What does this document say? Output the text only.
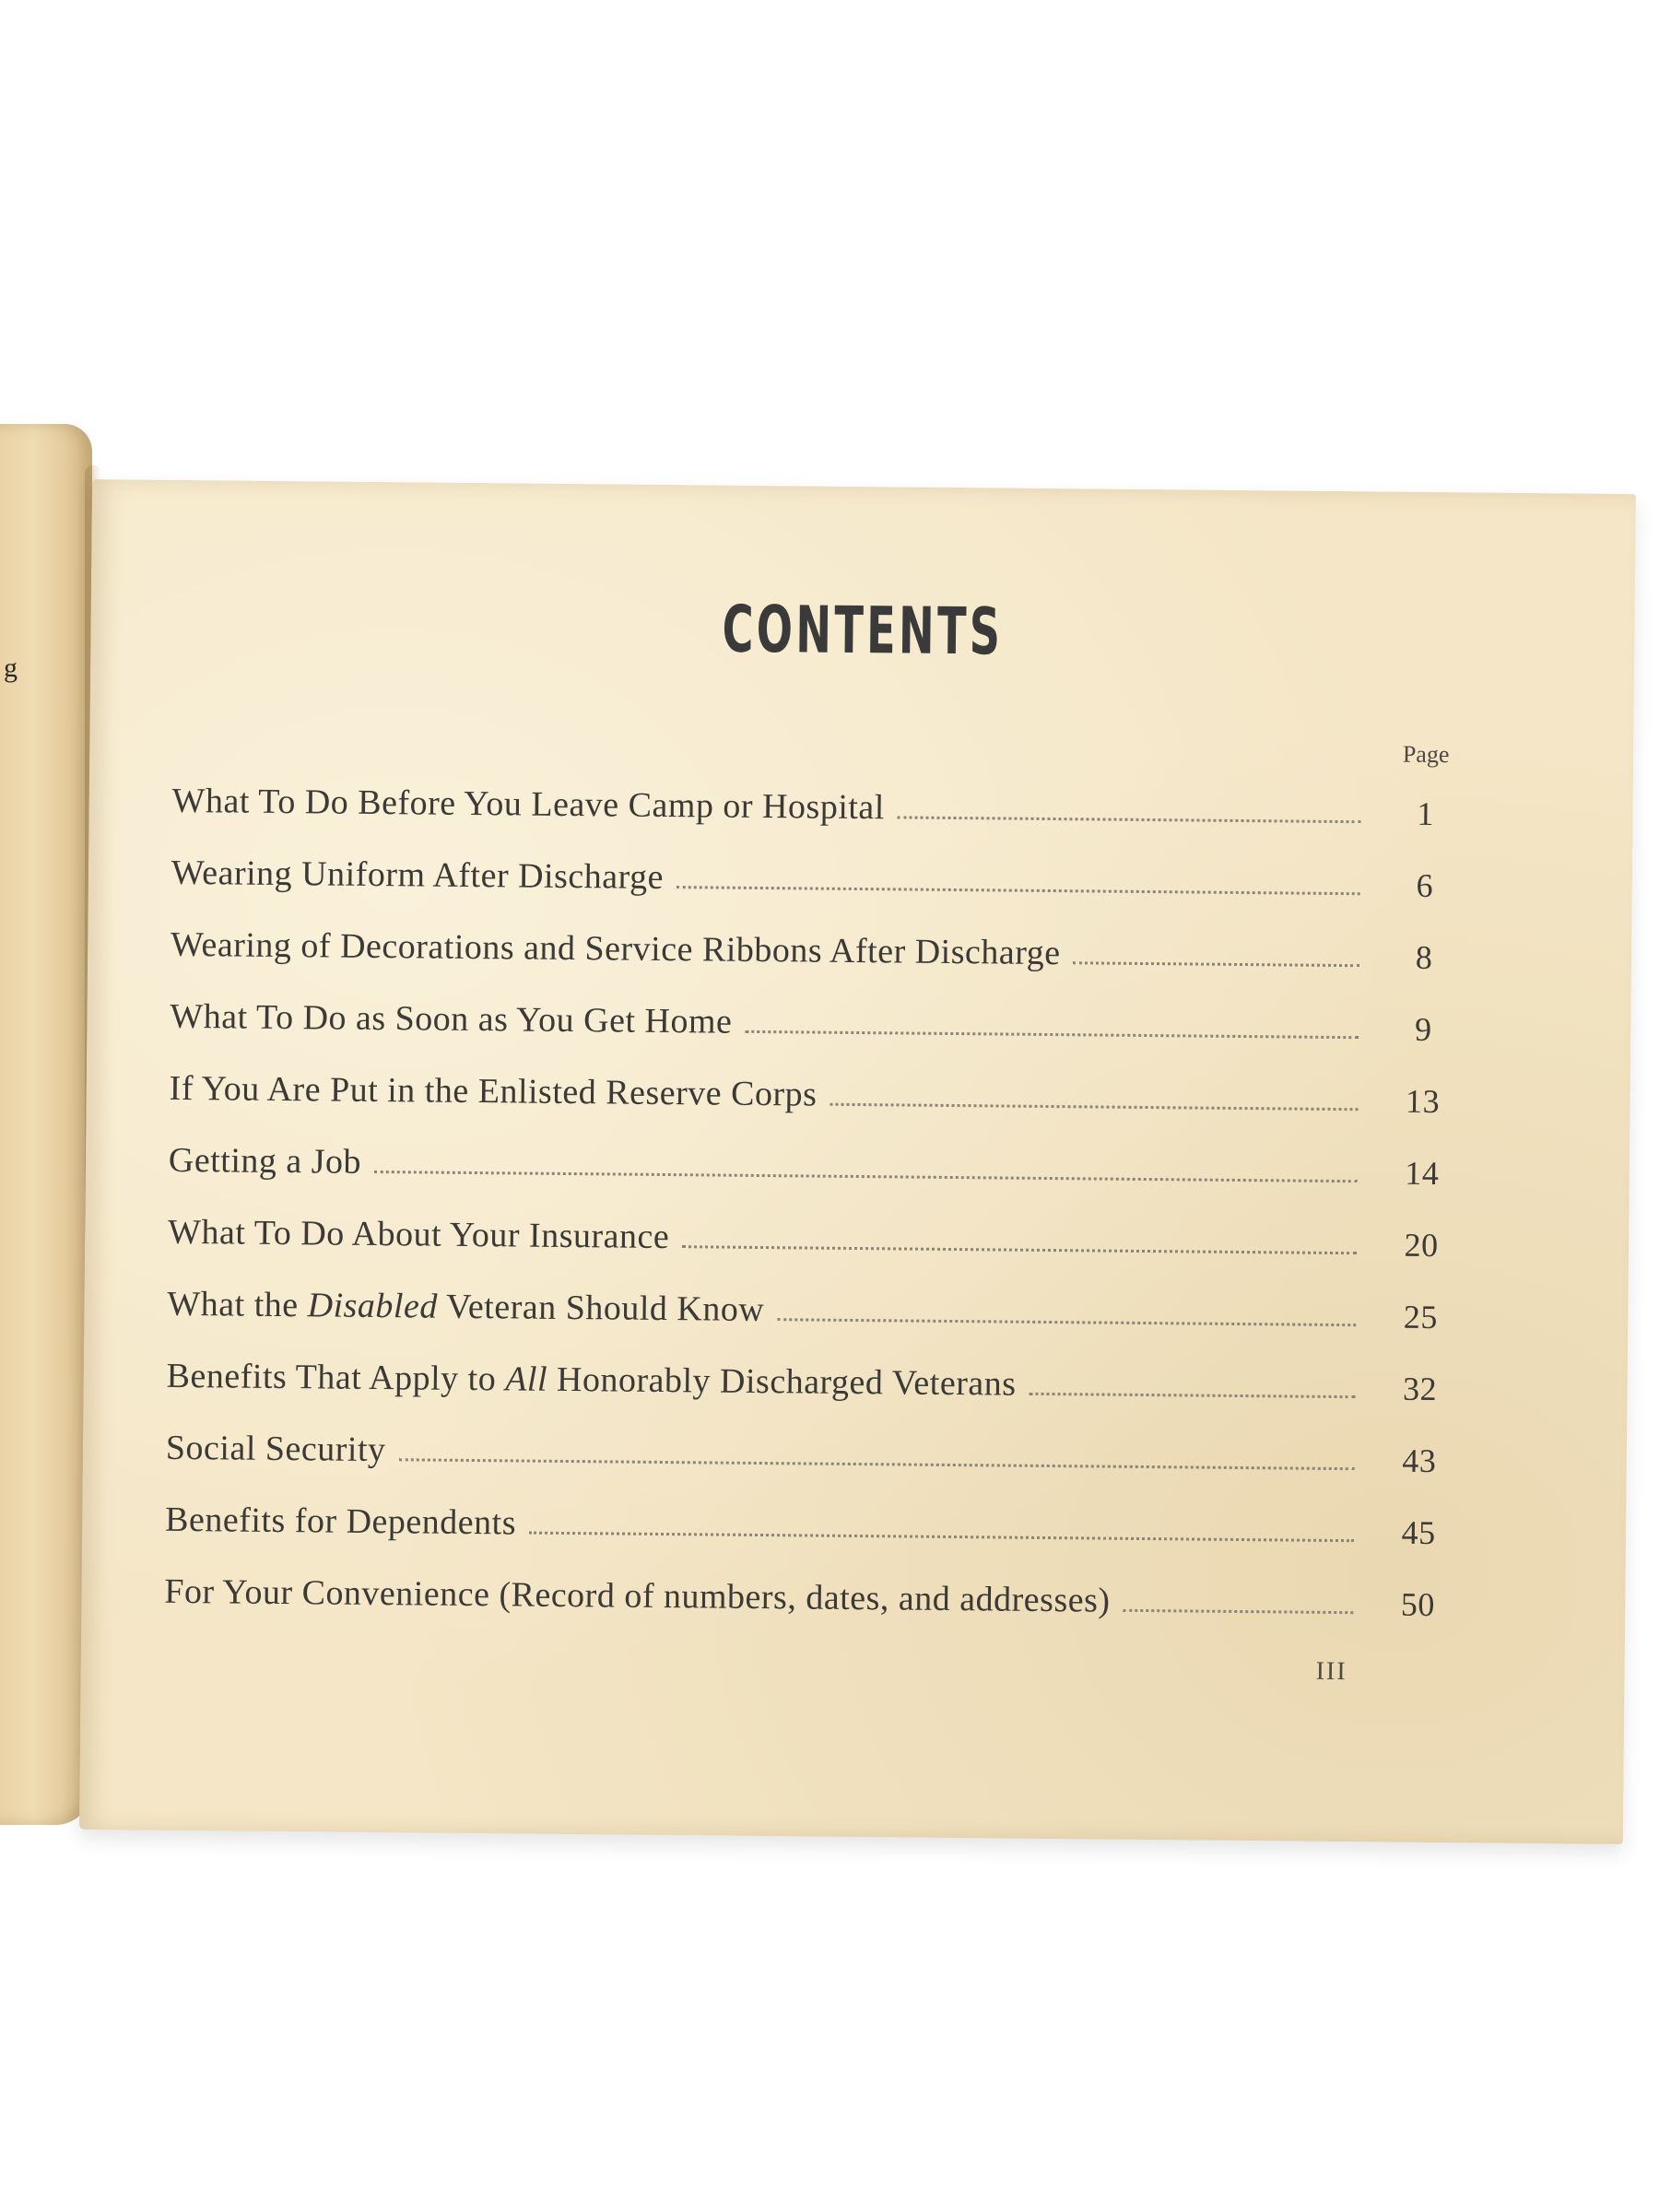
g	CONTENTS
Page
What To Do Before You Leave Camp or Hospital	1
Wearing Uniform After Discharge	6
Wearing of Decorations and Service Ribbons After Discharge	8
What To Do as Soon as You Get Home	9
If You Are Put in the Enlisted Reserve Corps	13
Getting a Job	14
What To Do About Your Insurance	20
What the Disabled Veteran Should Know	25
Benefits That Apply to All Honorably Discharged Veterans	32
Social Security	43
Benefits for Dependents	45
For Your Convenience (Record of numbers, dates, and addresses)	50
III
